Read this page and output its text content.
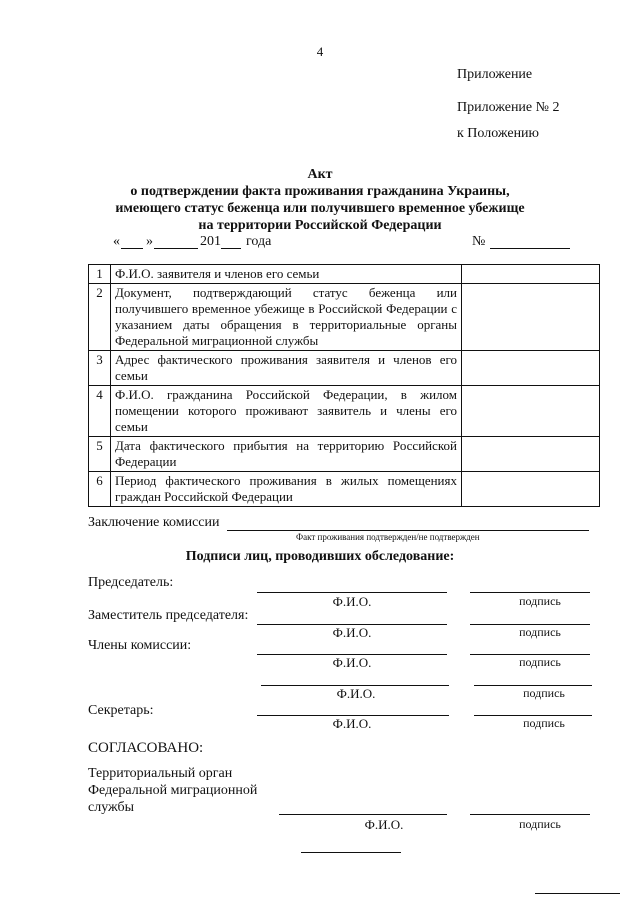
4
Приложение
Приложение № 2
к Положению
Акт
о подтверждении факта проживания гражданина Украины,
имеющего статус беженца или получившего временное убежище
на территории Российской Федерации
« »	201 года	№
1	Ф.И.О. заявителя и членов его семьи	
2	Документ, подтверждающий статус беженца или получившего временное убежище в Российской Федерации с указанием даты обращения в территориальные органы Федеральной миграционной службы	
3	Адрес фактического проживания заявителя и членов его семьи	
4	Ф.И.О. гражданина Российской Федерации, в жилом помещении которого проживают заявитель и члены его семьи	
5	Дата фактического прибытия на территорию Российской Федерации	
6	Период фактического проживания в жилых помещениях граждан Российской Федерации	
Заключение комиссии
Факт проживания подтвержден/не подтвержден
Подписи лиц, проводивших обследование:
Председатель:
Ф.И.О.	подпись
Заместитель председателя:
Ф.И.О.	подпись
Члены комиссии:
Ф.И.О.	подпись
Ф.И.О.	подпись
Секретарь:
Ф.И.О.	подпись
СОГЛАСОВАНО:
Территориальный орган
Федеральной миграционной
службы
Ф.И.О.	подпись
